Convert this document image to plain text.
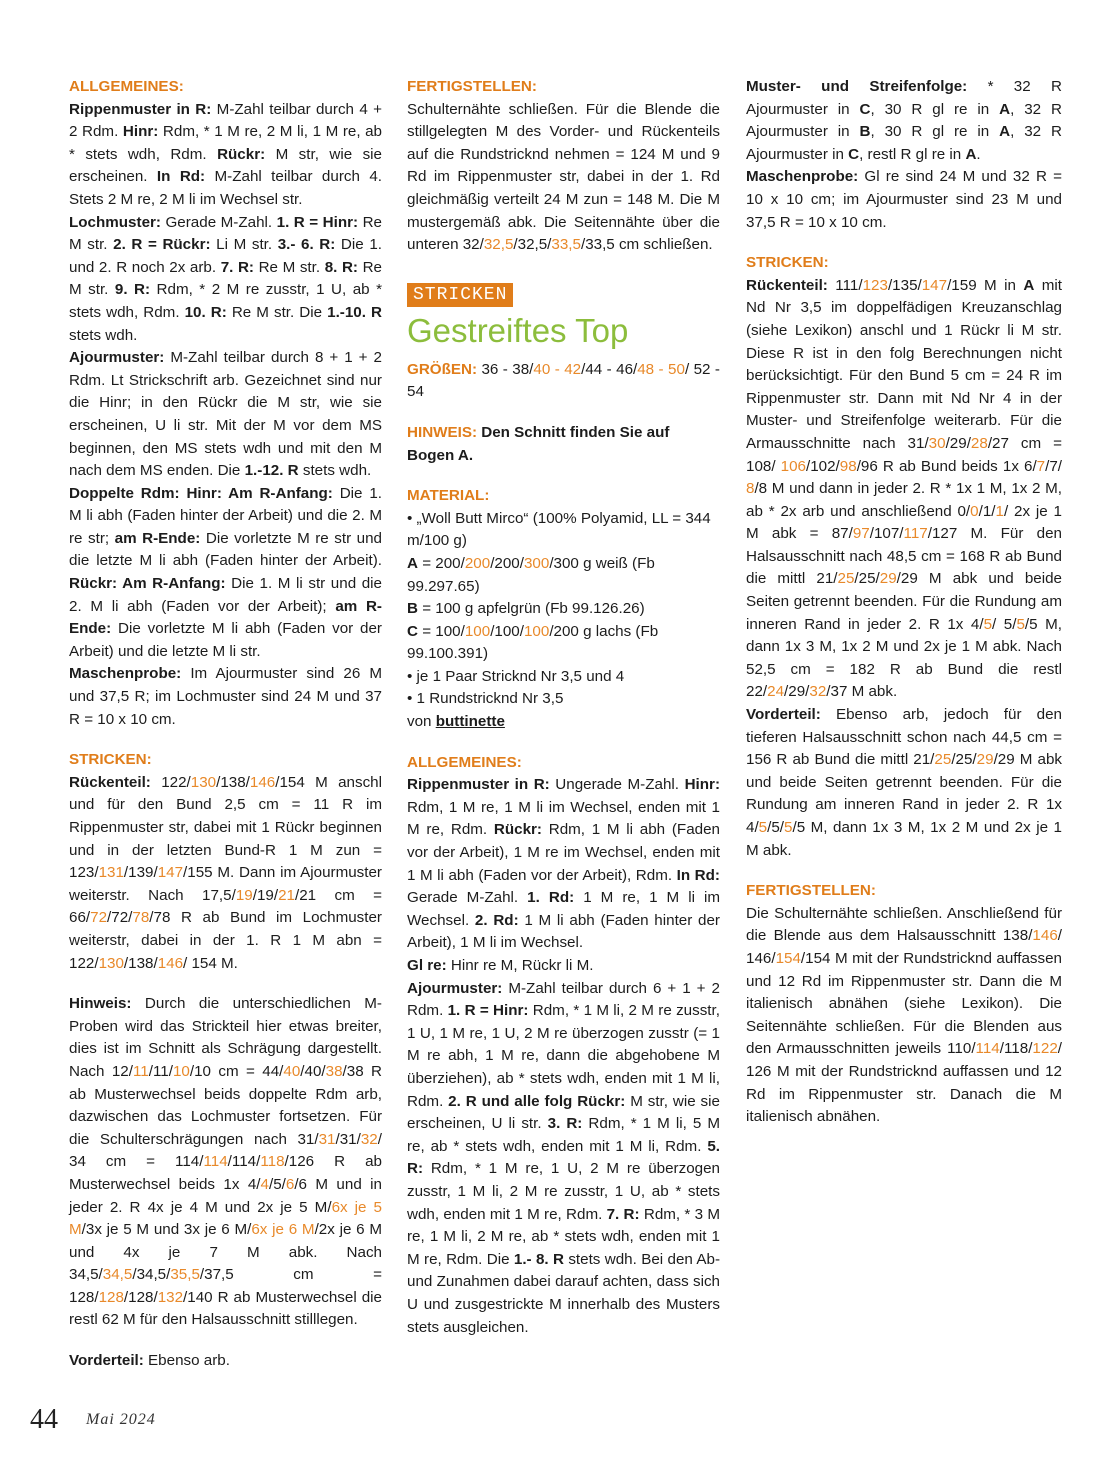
ALLGEMEINES:

Rippenmuster in R: M-Zahl teilbar durch 4 + 2 Rdm. Hinr: Rdm, * 1 M re, 2 M li, 1 M re, ab * stets wdh, Rdm. Rückr: M str, wie sie erscheinen. In Rd: M-Zahl teilbar durch 4. Stets 2 M re, 2 M li im Wechsel str.

Lochmuster: Gerade M-Zahl. 1. R = Hinr: Re M str. 2. R = Rückr: Li M str. 3.- 6. R: Die 1. und 2. R noch 2x arb. 7. R: Re M str. 8. R: Re M str. 9. R: Rdm, * 2 M re zusstr, 1 U, ab * stets wdh, Rdm. 10. R: Re M str. Die 1.-10. R stets wdh.

Ajourmuster: M-Zahl teilbar durch 8 + 1 + 2 Rdm. Lt Strickschrift arb. Gezeichnet sind nur die Hinr; in den Rückr die M str, wie sie erscheinen, U li str. Mit der M vor dem MS beginnen, den MS stets wdh und mit den M nach dem MS enden. Die 1.-12. R stets wdh.

Doppelte Rdm: Hinr: Am R-Anfang: Die 1. M li abh (Faden hinter der Arbeit) und die 2. M re str; am R-Ende: Die vorletzte M re str und die letzte M li abh (Faden hinter der Arbeit). Rückr: Am R-Anfang: Die 1. M li str und die 2. M li abh (Faden vor der Arbeit); am R-Ende: Die vorletzte M li abh (Faden vor der Arbeit) und die letzte M li str.

Maschenprobe: Im Ajourmuster sind 26 M und 37,5 R; im Lochmuster sind 24 M und 37 R = 10 x 10 cm.

STRICKEN:

Rückenteil: 122/130/138/146/154 M anschl und für den Bund 2,5 cm = 11 R im Rippenmuster str, dabei mit 1 Rückr beginnen und in der letzten Bund-R 1 M zun = 123/131/139/147/155 M. Dann im Ajourmuster weiterstr. Nach 17,5/19/19/21/21 cm = 66/72/72/78/78 R ab Bund im Lochmuster weiterstr, dabei in der 1. R 1 M abn = 122/130/138/146/ 154 M.

Hinweis: Durch die unterschiedlichen M-Proben wird das Strickteil hier etwas breiter, dies ist im Schnitt als Schrägung dargestellt. Nach 12/11/11/10/10 cm = 44/40/40/38/38 R ab Musterwechsel beids doppelte Rdm arb, dazwischen das Lochmuster fortsetzen. Für die Schulterschrägungen nach 31/31/31/32/ 34 cm = 114/114/114/118/126 R ab Musterwechsel beids 1x 4/4/5/6/6 M und in jeder 2. R 4x je 4 M und 2x je 5 M/6x je 5 M/3x je 5 M und 3x je 6 M/6x je 6 M/2x je 6 M und 4x je 7 M abk. Nach 34,5/34,5/34,5/35,5/37,5 cm = 128/128/128/132/140 R ab Musterwechsel die restl 62 M für den Halsausschnitt stilllegen.

Vorderteil: Ebenso arb.

FERTIGSTELLEN:

Schulternähte schließen. Für die Blende die stillgelegten M des Vorder- und Rückenteils auf die Rundstricknd nehmen = 124 M und 9 Rd im Rippenmuster str, dabei in der 1. Rd gleichmäßig verteilt 24 M zun = 148 M. Die M mustergemäß abk. Die Seitennähte über die unteren 32/32,5/32,5/33,5/33,5 cm schließen.

STRICKEN
Gestreiftes Top

GRÖßEN: 36 - 38/40 - 42/44 - 46/48 - 50/ 52 - 54

HINWEIS: Den Schnitt finden Sie auf Bogen A.

MATERIAL:

• „Woll Butt Mirco“ (100% Polyamid, LL = 344 m/100 g)

A = 200/200/200/300/300 g weiß (Fb 99.297.65)

B = 100 g apfelgrün (Fb 99.126.26)

C = 100/100/100/100/200 g lachs (Fb 99.100.391)

• je 1 Paar Stricknd Nr 3,5 und 4

• 1 Rundstricknd Nr 3,5

von buttinette

ALLGEMEINES:

Rippenmuster in R: Ungerade M-Zahl. Hinr: Rdm, 1 M re, 1 M li im Wechsel, enden mit 1 M re, Rdm. Rückr: Rdm, 1 M li abh (Faden vor der Arbeit), 1 M re im Wechsel, enden mit 1 M li abh (Faden vor der Arbeit), Rdm. In Rd: Gerade M-Zahl. 1. Rd: 1 M re, 1 M li im Wechsel. 2. Rd: 1 M li abh (Faden hinter der Arbeit), 1 M li im Wechsel.

Gl re: Hinr re M, Rückr li M.

Ajourmuster: M-Zahl teilbar durch 6 + 1 + 2 Rdm. 1. R = Hinr: Rdm, * 1 M li, 2 M re zusstr, 1 U, 1 M re, 1 U, 2 M re überzogen zusstr (= 1 M re abh, 1 M re, dann die abgehobene M überziehen), ab * stets wdh, enden mit 1 M li, Rdm. 2. R und alle folg Rückr: M str, wie sie erscheinen, U li str. 3. R: Rdm, * 1 M li, 5 M re, ab * stets wdh, enden mit 1 M li, Rdm. 5. R: Rdm, * 1 M re, 1 U, 2 M re überzogen zusstr, 1 M li, 2 M re zusstr, 1 U, ab * stets wdh, enden mit 1 M re, Rdm. 7. R: Rdm, * 3 M re, 1 M li, 2 M re, ab * stets wdh, enden mit 1 M re, Rdm. Die 1.- 8. R stets wdh. Bei den Ab- und Zunahmen dabei darauf achten, dass sich U und zusgestrickte M innerhalb des Musters stets ausgleichen.

Muster- und Streifenfolge: * 32 R Ajourmuster in C, 30 R gl re in A, 32 R Ajourmuster in B, 30 R gl re in A, 32 R Ajourmuster in C, restl R gl re in A.

Maschenprobe: Gl re sind 24 M und 32 R = 10 x 10 cm; im Ajourmuster sind 23 M und 37,5 R = 10 x 10 cm.

STRICKEN:

Rückenteil: 111/123/135/147/159 M in A mit Nd Nr 3,5 im doppelfädigen Kreuzanschlag (siehe Lexikon) anschl und 1 Rückr li M str. Diese R ist in den folg Berechnungen nicht berücksichtigt. Für den Bund 5 cm = 24 R im Rippenmuster str. Dann mit Nd Nr 4 in der Muster- und Streifenfolge weiterarb. Für die Armausschnitte nach 31/30/29/28/27 cm = 108/ 106/102/98/96 R ab Bund beids 1x 6/7/7/ 8/8 M und dann in jeder 2. R * 1x 1 M, 1x 2 M, ab * 2x arb und anschließend 0/0/1/1/ 2x je 1 M abk = 87/97/107/117/127 M. Für den Halsausschnitt nach 48,5 cm = 168 R ab Bund die mittl 21/25/25/29/29 M abk und beide Seiten getrennt beenden. Für die Rundung am inneren Rand in jeder 2. R 1x 4/5/ 5/5/5 M, dann 1x 3 M, 1x 2 M und 2x je 1 M abk. Nach 52,5 cm = 182 R ab Bund die restl 22/24/29/32/37 M abk.

Vorderteil: Ebenso arb, jedoch für den tieferen Halsausschnitt schon nach 44,5 cm = 156 R ab Bund die mittl 21/25/25/29/29 M abk und beide Seiten getrennt beenden. Für die Rundung am inneren Rand in jeder 2. R 1x 4/5/5/5/5 M, dann 1x 3 M, 1x 2 M und 2x je 1 M abk.

FERTIGSTELLEN:

Die Schulternähte schließen. Anschließend für die Blende aus dem Halsausschnitt 138/146/ 146/154/154 M mit der Rundstricknd auffassen und 12 Rd im Rippenmuster str. Dann die M italienisch abnähen (siehe Lexikon). Die Seitennähte schließen. Für die Blenden aus den Armausschnitten jeweils 110/114/118/122/ 126 M mit der Rundstricknd auffassen und 12 Rd im Rippenmuster str. Danach die M italienisch abnähen.

44 Mai 2024
